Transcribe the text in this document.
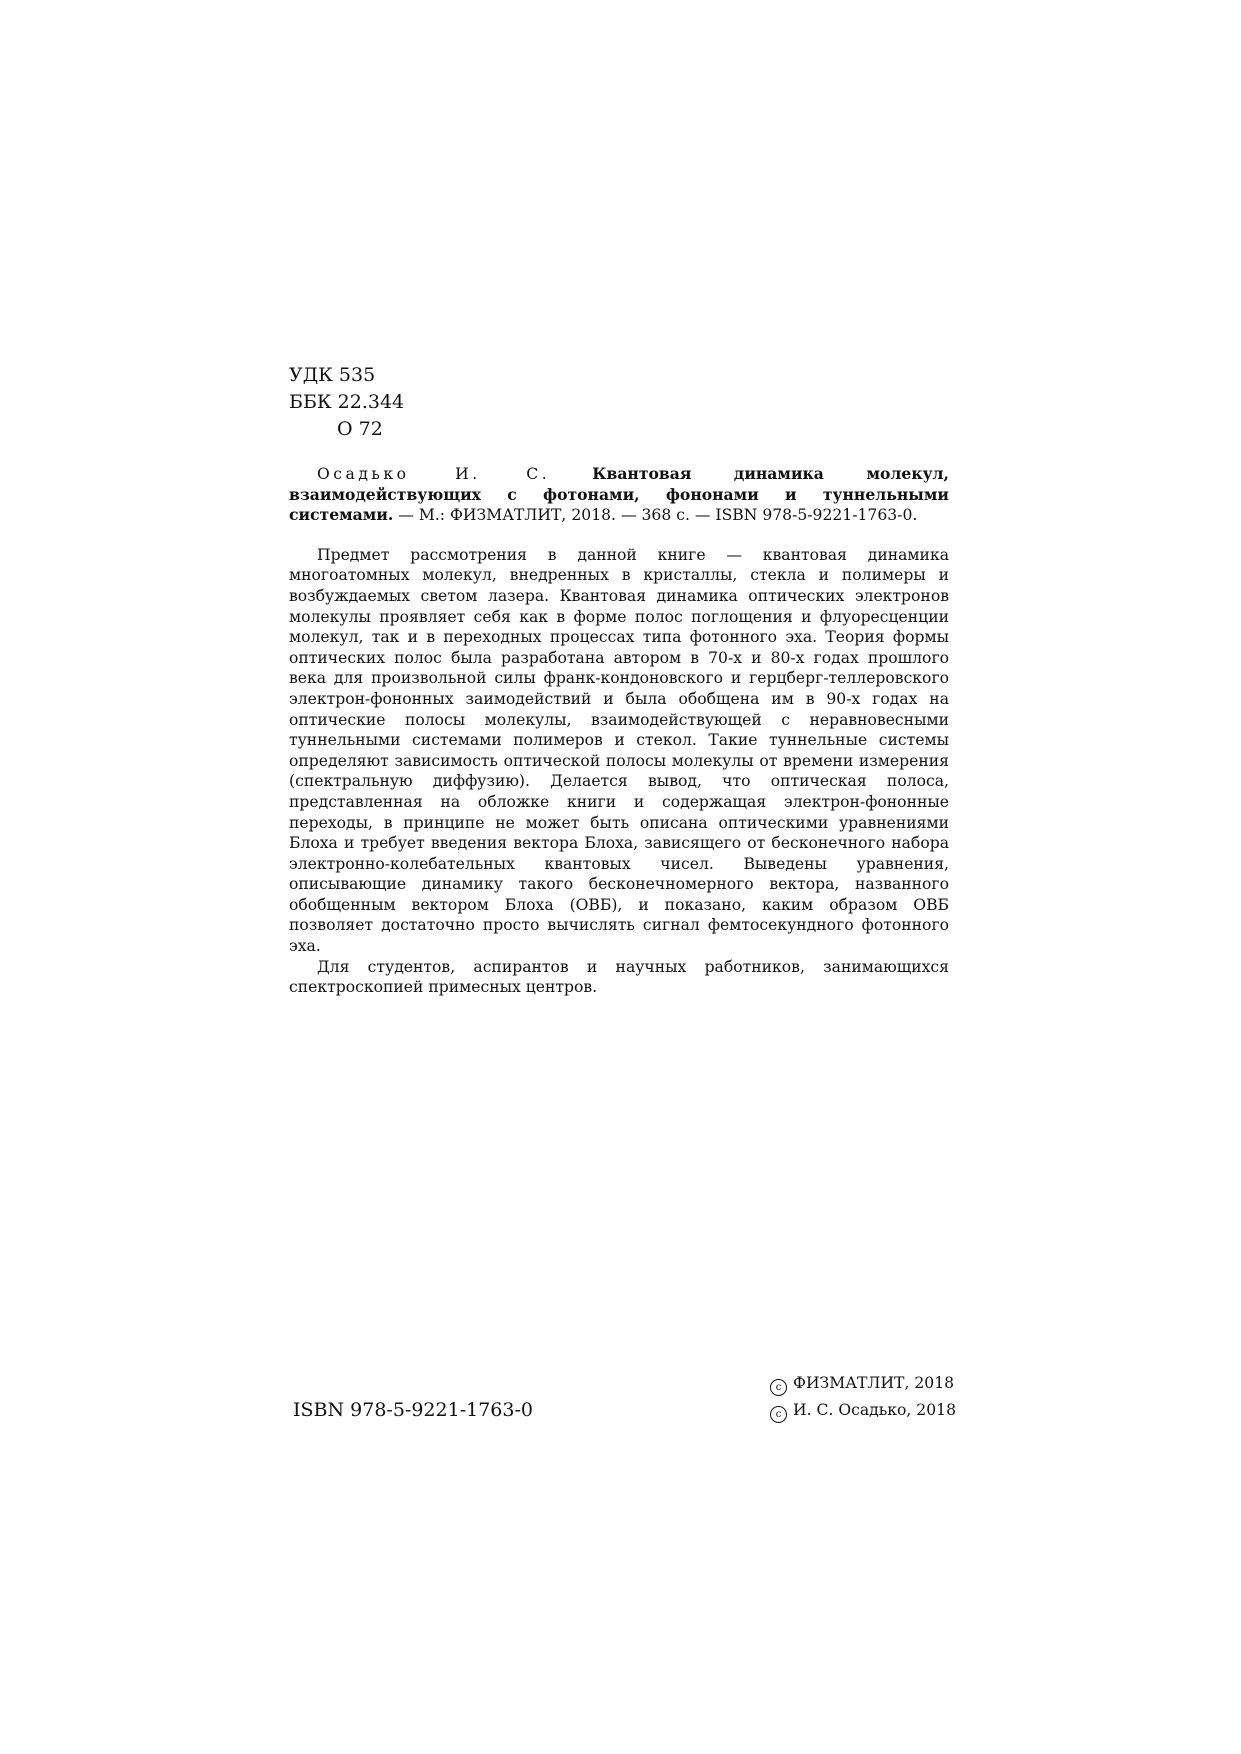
УДК 535
ББК 22.344
О 72

Осадько И. С.	Квантовая динамика молекул, взаимодействующих с фотонами, фононами и туннельными системами. — М.: ФИЗМАТЛИТ, 2018. — 368 с. — ISBN 978-5-9221-1763-0.

Предмет рассмотрения в данной книге — квантовая динамика многоатомных молекул, внедренных в кристаллы, стекла и полимеры и возбуждаемых светом лазера. Квантовая динамика оптических электронов молекулы проявляет себя как в форме полос поглощения и флуоресценции молекул, так и в переходных процессах типа фотонного эха. Теория формы оптических полос была разработана автором в 70-х и 80-х годах прошлого века для произвольной силы франк-кондоновского и герцберг-теллеровского электрон-фононных заимодействий и была обобщена им в 90-х годах на оптические полосы молекулы, взаимодействующей с неравновесными туннельными системами полимеров и стекол. Такие туннельные системы определяют зависимость оптической полосы молекулы от времени измерения (спектральную диффузию). Делается вывод, что оптическая полоса, представленная на обложке книги и содержащая электрон-фононные переходы, в принципе не может быть описана оптическими уравнениями Блоха и требует введения вектора Блоха, зависящего от бесконечного набора электронно-колебательных квантовых чисел. Выведены уравнения, описывающие динамику такого бесконечномерного вектора, названного обобщенным вектором Блоха (ОВБ), и показано, каким образом ОВБ позволяет достаточно просто вычислять сигнал фемтосекундного фотонного эха.

Для студентов, аспирантов и научных работников, занимающихся спектроскопией примесных центров.

ISBN 978-5-9221-1763-0
c ФИЗМАТЛИТ, 2018
c И. С. Осадько, 2018
